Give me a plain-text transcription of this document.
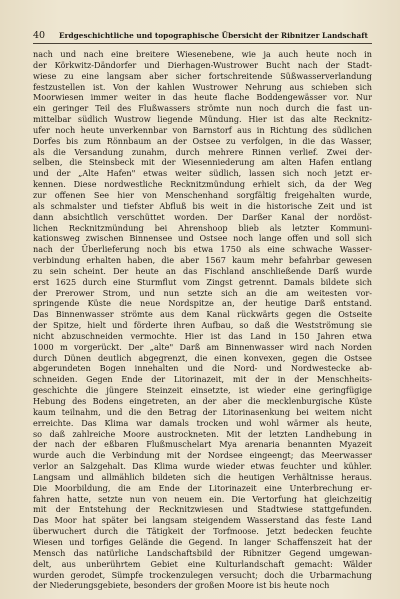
40	Erdgeschichtliche und topographische Übersicht der Ribnitzer Landschaft
nach und nach eine breitere Wiesenebene, wie ja auch heute noch in
der Körkwitz-Dändorfer und Dierhagen-Wustrower Bucht nach der Stadt-
wiese zu eine langsam aber sicher fortschreitende Süßwasserverlandung
festzustellen ist. Von der kahlen Wustrower Nehrung aus schieben sich
Moorwiesen immer weiter in das heute flache Boddengewässer vor. Nur
ein geringer Teil des Flußwassers strömte nun noch durch die fast un-
mittelbar südlich Wustrow liegende Mündung. Hier ist das alte Recknitz-
ufer noch heute unverkennbar von Barnstorf aus in Richtung des südlichen
Dorfes bis zum Rönnbaum an der Ostsee zu verfolgen, in die das Wasser,
als die Versandung zunahm, durch mehrere Rinnen verlief. Zwei der-
selben, die Steinsbeck mit der Wiesenniederung am alten Hafen entlang
und der „Alte Hafen" etwas weiter südlich, lassen sich noch jetzt er-
kennen. Diese nordwestliche Recknitzmündung erhielt sich, da der Weg
zur offenen See hier von Menschenhand sorgfältig freigehalten wurde,
als schmalster und tiefster Abfluß bis weit in die historische Zeit und ist
dann absichtlich verschüttet worden. Der Darßer Kanal der nordöst-
lichen Recknitzmündung bei Ahrenshoop blieb als letzter Kommuni-
kationsweg zwischen Binnensee und Ostsee noch lange offen und soll sich
nach der Überlieferung noch bis etwa 1750 als eine schwache Wasser-
verbindung erhalten haben, die aber 1567 kaum mehr befahrbar gewesen
zu sein scheint. Der heute an das Fischland anschließende Darß wurde
erst 1625 durch eine Sturmflut vom Zingst getrennt. Damals bildete sich
der Prerower Strom, und nun setzte sich an die am weitesten vor-
springende Küste die neue Nordspitze an, der heutige Darß entstand.
Das Binnenwasser strömte aus dem Kanal rückwärts gegen die Ostseite
der Spitze, hielt und förderte ihren Aufbau, so daß die Westströmung sie
nicht abzuschneiden vermochte. Hier ist das Land in 150 Jahren etwa
1000 m vorgerückt. Der „alte" Darß am Binnenwasser wird nach Norden
durch Dünen deutlich abgegrenzt, die einen konvexen, gegen die Ostsee
abgerundeten Bogen innehalten und die Nord- und Nordwestecke ab-
schneiden. Gegen Ende der Litorinazeit, mit der in der Menschheits-
geschichte die jüngere Steinzeit einsetzte, ist wieder eine geringfügige
Hebung des Bodens eingetreten, an der aber die mecklenburgische Küste
kaum teilnahm, und die den Betrag der Litorinasenkung bei weitem nicht
erreichte. Das Klima war damals trocken und wohl wärmer als heute,
so daß zahlreiche Moore austrockneten. Mit der letzten Landhebung in
der nach der eßbaren Flußmuschelart Mya arenaria benannten Myazeit
wurde auch die Verbindung mit der Nordsee eingeengt; das Meerwasser
verlor an Salzgehalt. Das Klima wurde wieder etwas feuchter und kühler.
Langsam und allmählich bildeten sich die heutigen Verhältnisse heraus.
Die Moorbildung, die am Ende der Litorinazeit eine Unterbrechung er-
fahren hatte, setzte nun von neuem ein. Die Vertorfung hat gleichzeitig
mit der Entstehung der Recknitzwiesen und Stadtwiese stattgefunden.
Das Moor hat später bei langsam steigendem Wasserstand das feste Land
überwuchert durch die Tätigkeit der Torfmoose. Jetzt bedecken feuchte
Wiesen und torfiges Gelände die Gegend. In langer Schaffenszeit hat der
Mensch das natürliche Landschaftsbild der Ribnitzer Gegend umgewan-
delt, aus unberührtem Gebiet eine Kulturlandschaft gemacht: Wälder
wurden gerodet, Sümpfe trockenzulegen versucht; doch die Urbarmachung
der Niederungsgebiete, besonders der großen Moore ist bis heute noch
